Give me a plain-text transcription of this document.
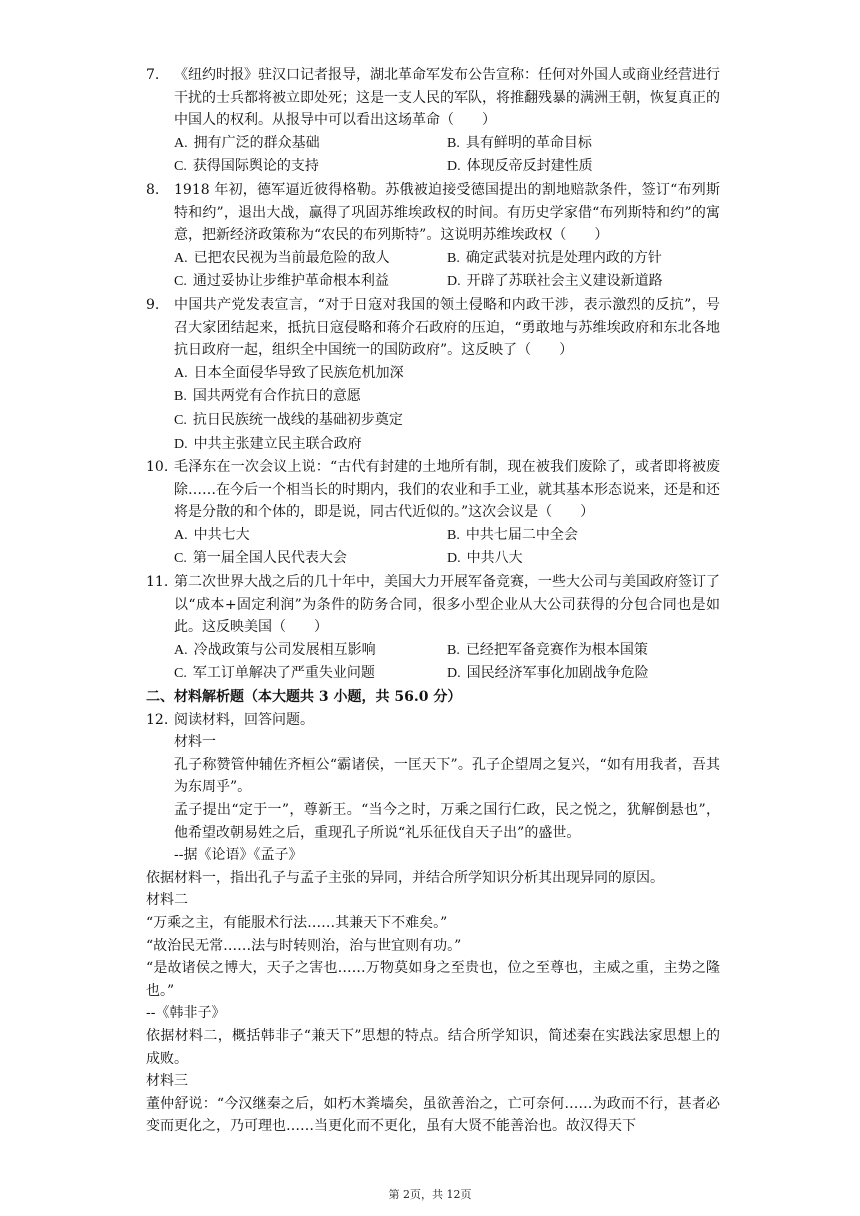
7. 《纽约时报》驻汉口记者报导，湖北革命军发布公告宣称：任何对外国人或商业经营进行干扰的士兵都将被立即处死；这是一支人民的军队，将推翻残暴的满洲王朝，恢复真正的中国人的权利。从报导中可以看出这场革命（　　）
A. 拥有广泛的群众基础	B. 具有鲜明的革命目标
C. 获得国际舆论的支持	D. 体现反帝反封建性质
8. 1918 年初，德军逼近彼得格勒。苏俄被迫接受德国提出的割地赔款条件，签订“布列斯特和约”，退出大战，赢得了巩固苏维埃政权的时间。有历史学家借“布列斯特和约”的寓意，把新经济政策称为“农民的布列斯特”。这说明苏维埃政权（　　）
A. 已把农民视为当前最危险的敌人	B. 确定武装对抗是处理内政的方针
C. 通过妥协让步维护革命根本利益	D. 开辟了苏联社会主义建设新道路
9. 中国共产党发表宣言，“对于日寇对我国的领土侵略和内政干涉，表示激烈的反抗”，号召大家团结起来，抵抗日寇侵略和蒋介石政府的压迫，“勇敢地与苏维埃政府和东北各地抗日政府一起，组织全中国统一的国防政府”。这反映了（　　）
A. 日本全面侵华导致了民族危机加深
B. 国共两党有合作抗日的意愿
C. 抗日民族统一战线的基础初步奠定
D. 中共主张建立民主联合政府
10. 毛泽东在一次会议上说：“古代有封建的土地所有制，现在被我们废除了，或者即将被废除……在今后一个相当长的时期内，我们的农业和手工业，就其基本形态说来，还是和还将是分散的和个体的，即是说，同古代近似的。”这次会议是（　　）
A. 中共七大	B. 中共七届二中全会
C. 第一届全国人民代表大会	D. 中共八大
11. 第二次世界大战之后的几十年中，美国大力开展军备竞赛，一些大公司与美国政府签订了以“成本+固定利润”为条件的防务合同，很多小型企业从大公司获得的分包合同也是如此。这反映美国（　　）
A. 冷战政策与公司发展相互影响	B. 已经把军备竞赛作为根本国策
C. 军工订单解决了严重失业问题	D. 国民经济军事化加剧战争危险
二、材料解析题（本大题共 3 小题，共 56.0 分）
12. 阅读材料，回答问题。
材料一
孔子称赞管仲辅佐齐桓公“霸诸侯，一匡天下”。孔子企望周之复兴，“如有用我者，吾其为东周乎”。
孟子提出“定于一”，尊新王。“当今之时，万乘之国行仁政，民之悦之，犹解倒悬也”，他希望改朝易姓之后，重现孔子所说“礼乐征伐自天子出”的盛世。
--据《论语》《孟子》
依据材料一，指出孔子与孟子主张的异同，并结合所学知识分析其出现异同的原因。
材料二
“万乘之主，有能服术行法……其兼天下不难矣。”
“故治民无常……法与时转则治，治与世宜则有功。”
“是故诸侯之博大，天子之害也……万物莫如身之至贵也，位之至尊也，主威之重，主势之隆也。”
--《韩非子》
依据材料二，概括韩非子“兼天下”思想的特点。结合所学知识，简述秦在实践法家思想上的成败。
材料三
董仲舒说：“今汉继秦之后，如朽木粪墙矣，虽欲善治之，亡可奈何……为政而不行，甚者必变而更化之，乃可理也……当更化而不更化，虽有大贤不能善治也。故汉得天下
第 2页，共 12页
